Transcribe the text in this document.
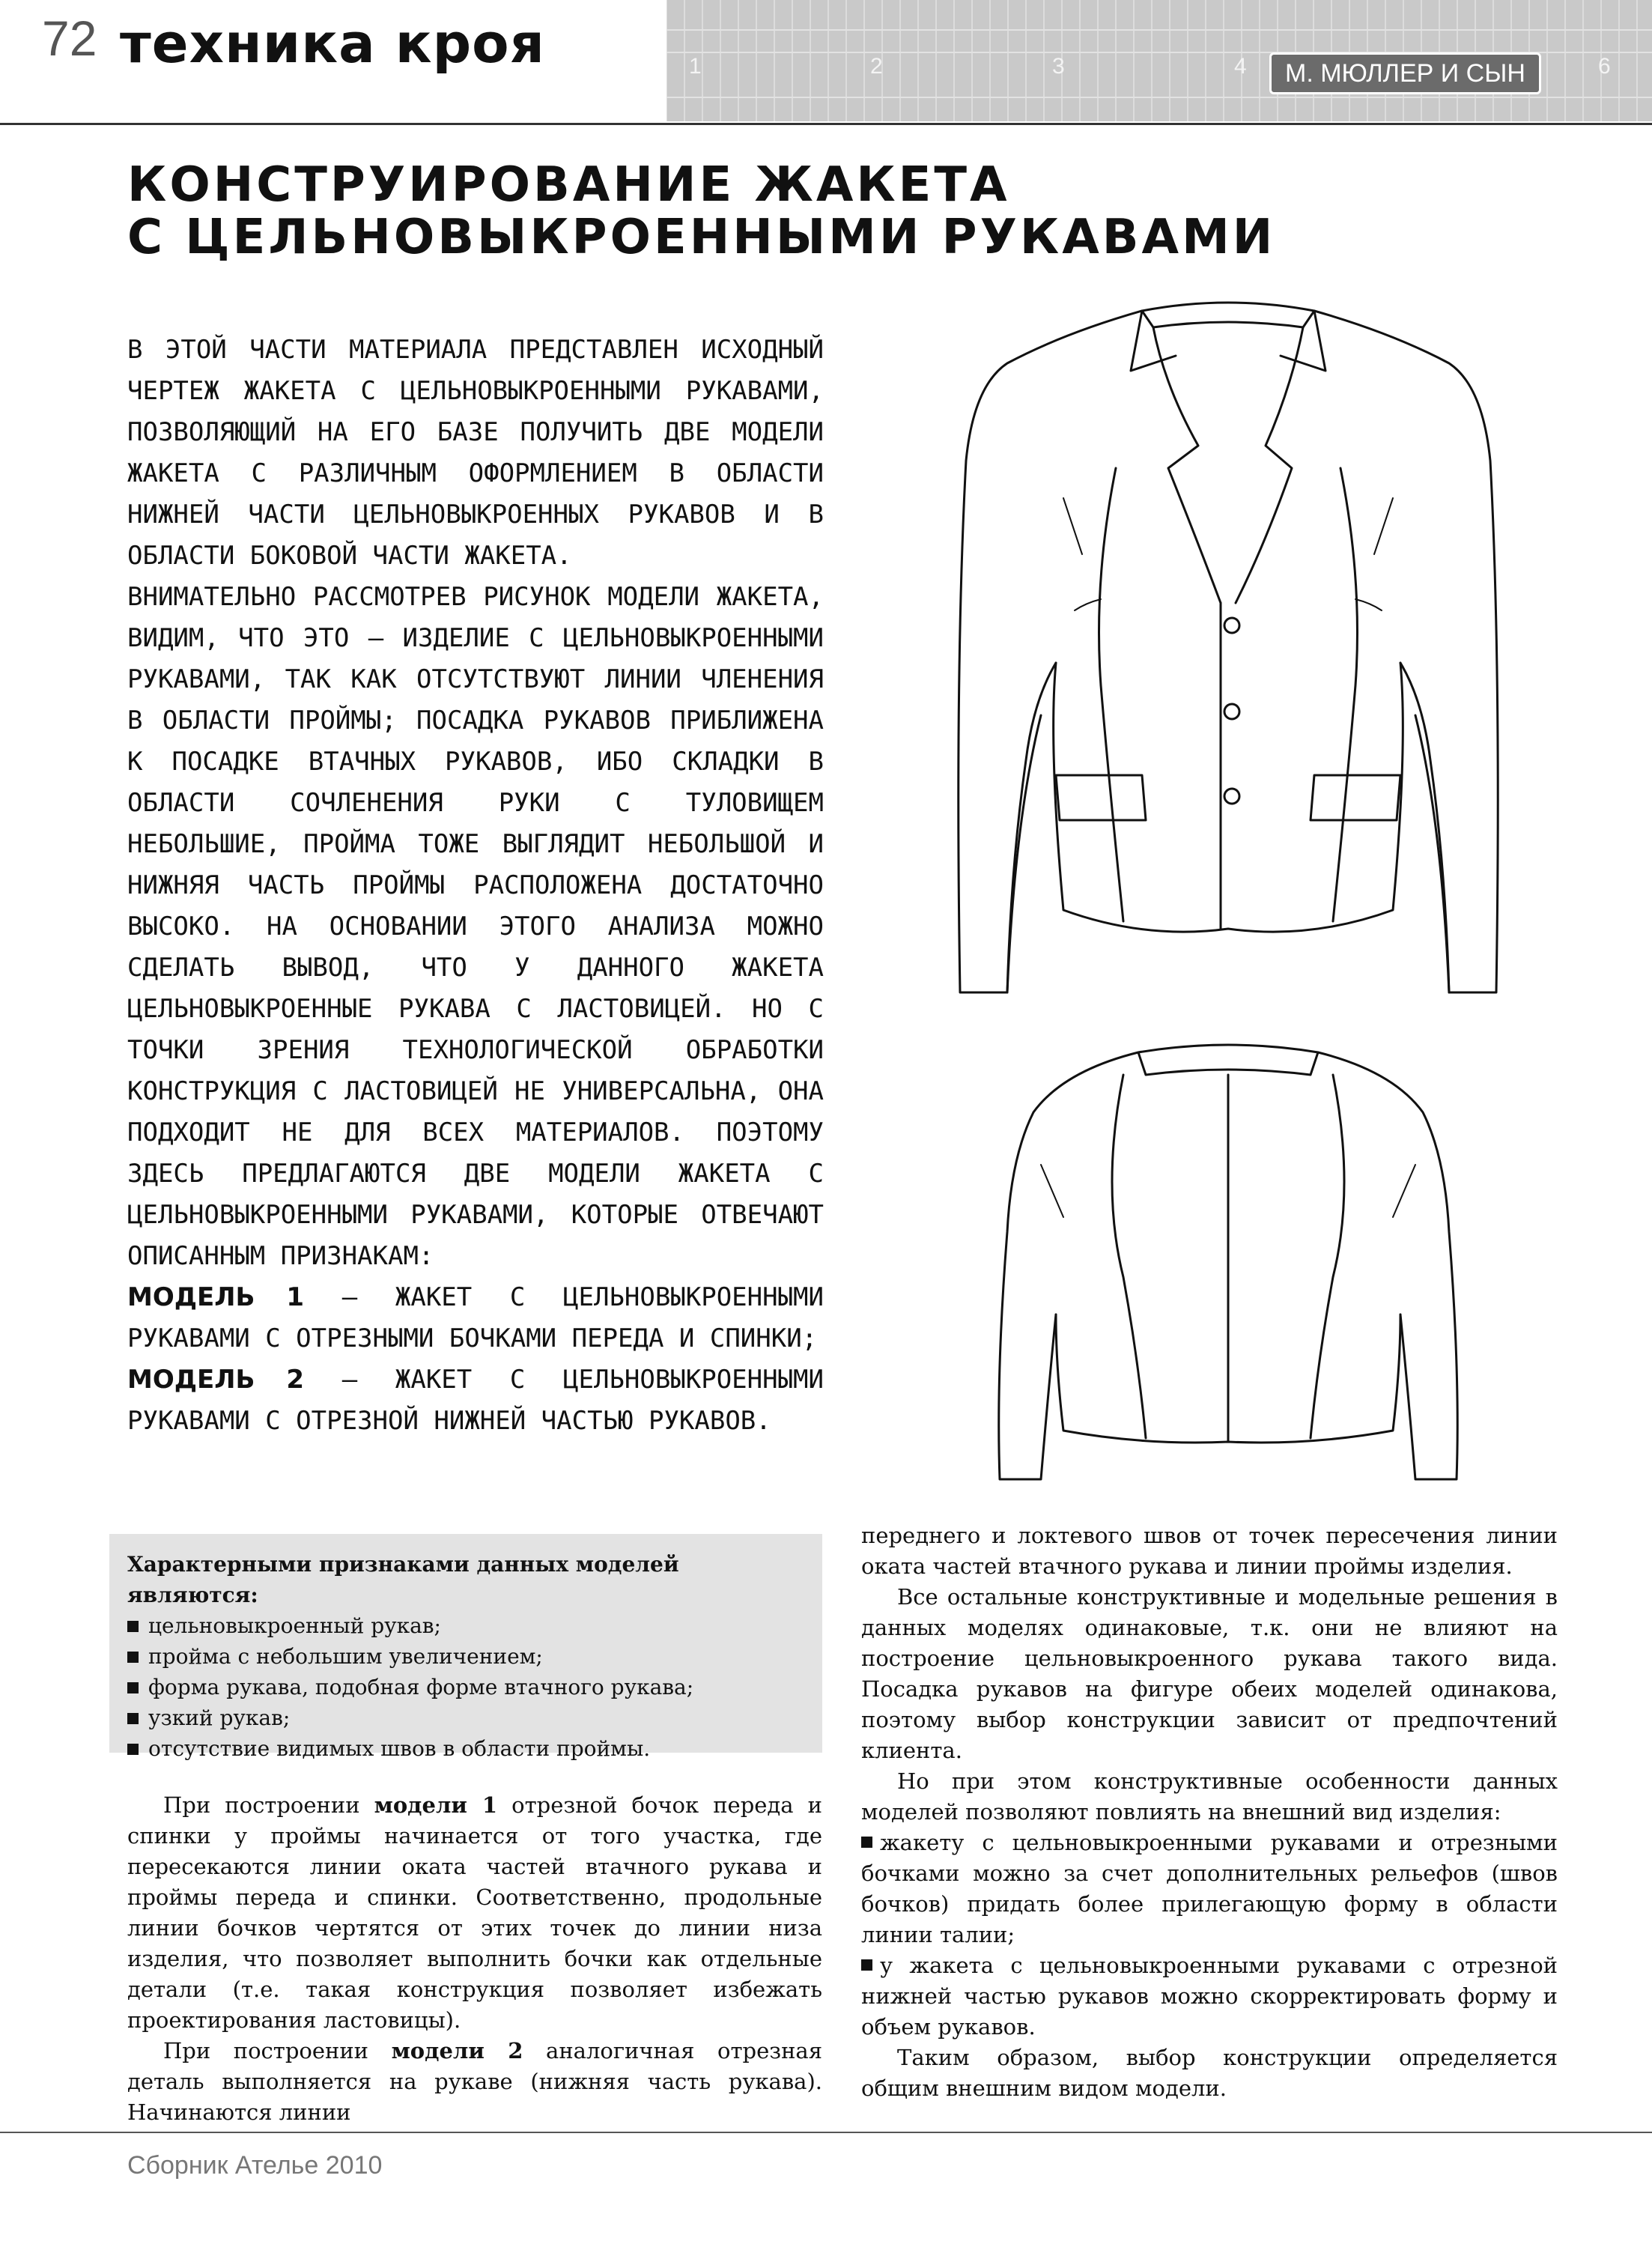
72 техника кроя	1	2	3	4	6
М. МЮЛЛЕР И СЫН
КОНСТРУИРОВАНИЕ ЖАКЕТА
С ЦЕЛЬНОВЫКРОЕННЫМИ РУКАВАМИ

В ЭТОЙ ЧАСТИ МАТЕРИАЛА ПРЕДСТАВЛЕН ИСХОДНЫЙ ЧЕРТЕЖ ЖАКЕТА С ЦЕЛЬНОВЫКРОЕННЫМИ РУКАВАМИ, ПОЗВОЛЯЮЩИЙ НА ЕГО БАЗЕ ПОЛУЧИТЬ ДВЕ МОДЕЛИ ЖАКЕТА С РАЗЛИЧНЫМ ОФОРМЛЕНИЕМ В ОБЛАСТИ НИЖНЕЙ ЧАСТИ ЦЕЛЬНОВЫКРОЕННЫХ РУКАВОВ И В ОБЛАСТИ БОКОВОЙ ЧАСТИ ЖАКЕТА.

ВНИМАТЕЛЬНО РАССМОТРЕВ РИСУНОК МОДЕЛИ ЖАКЕТА, ВИДИМ, ЧТО ЭТО – ИЗДЕЛИЕ С ЦЕЛЬНОВЫКРОЕННЫМИ РУКАВАМИ, ТАК КАК ОТСУТСТВУЮТ ЛИНИИ ЧЛЕНЕНИЯ В ОБЛАСТИ ПРОЙМЫ; ПОСАДКА РУКАВОВ ПРИБЛИЖЕНА К ПОСАДКЕ ВТАЧНЫХ РУКАВОВ, ИБО СКЛАДКИ В ОБЛАСТИ СОЧЛЕНЕНИЯ РУКИ С ТУЛОВИЩЕМ НЕБОЛЬШИЕ, ПРОЙМА ТОЖЕ ВЫГЛЯДИТ НЕБОЛЬШОЙ И НИЖНЯЯ ЧАСТЬ ПРОЙМЫ РАСПОЛОЖЕНА ДОСТАТОЧНО ВЫСОКО. НА ОСНОВАНИИ ЭТОГО АНАЛИЗА МОЖНО СДЕЛАТЬ ВЫВОД, ЧТО У ДАННОГО ЖАКЕТА ЦЕЛЬНОВЫКРОЕННЫЕ РУКАВА С ЛАСТОВИЦЕЙ. НО С ТОЧКИ ЗРЕНИЯ ТЕХНОЛОГИЧЕСКОЙ ОБРАБОТКИ КОНСТРУКЦИЯ С ЛАСТОВИЦЕЙ НЕ УНИВЕРСАЛЬНА, ОНА ПОДХОДИТ НЕ ДЛЯ ВСЕХ МАТЕРИАЛОВ. ПОЭТОМУ ЗДЕСЬ ПРЕДЛАГАЮТСЯ ДВЕ МОДЕЛИ ЖАКЕТА С ЦЕЛЬНОВЫКРОЕННЫМИ РУКАВАМИ, КОТОРЫЕ ОТВЕЧАЮТ ОПИСАННЫМ ПРИЗНАКАМ:

МОДЕЛЬ 1 – ЖАКЕТ С ЦЕЛЬНОВЫКРОЕННЫМИ РУКАВАМИ С ОТРЕЗНЫМИ БОЧКАМИ ПЕРЕДА И СПИНКИ;

МОДЕЛЬ 2 – ЖАКЕТ С ЦЕЛЬНОВЫКРОЕННЫМИ РУКАВАМИ С ОТРЕЗНОЙ НИЖНЕЙ ЧАСТЬЮ РУКАВОВ.

Характерными признаками данных моделей являются:
цельновыкроенный рукав;
пройма с небольшим увеличением;
форма рукава, подобная форме втачного рукава;
узкий рукав;
отсутствие видимых швов в области проймы.

При построении модели 1 отрезной бочок переда и спинки у проймы начинается от того участка, где пересекаются линии оката частей втачного рукава и проймы переда и спинки. Соответственно, продольные линии бочков чертятся от этих точек до линии низа изделия, что позволяет выполнить бочки как отдельные детали (т.е. такая конструкция позволяет избежать проектирования ластовицы).

При построении модели 2 аналогичная отрезная деталь выполняется на рукаве (нижняя часть рукава). Начинаются линии

переднего и локтевого швов от точек пересечения линии оката частей втачного рукава и линии проймы изделия.

Все остальные конструктивные и модельные решения в данных моделях одинаковые, т.к. они не влияют на построение цельновыкроенного рукава такого вида. Посадка рукавов на фигуре обеих моделей одинакова, поэтому выбор конструкции зависит от предпочтений клиента.

Но при этом конструктивные особенности данных моделей позволяют повлиять на внешний вид изделия:

жакету с цельновыкроенными рукавами и отрезными бочками можно за счет дополнительных рельефов (швов бочков) придать более прилегающую форму в области линии талии;

у жакета с цельновыкроенными рукавами с отрезной нижней частью рукавов можно скорректировать форму и объем рукавов.

Таким образом, выбор конструкции определяется общим внешним видом модели.

Сборник Ателье 2010
